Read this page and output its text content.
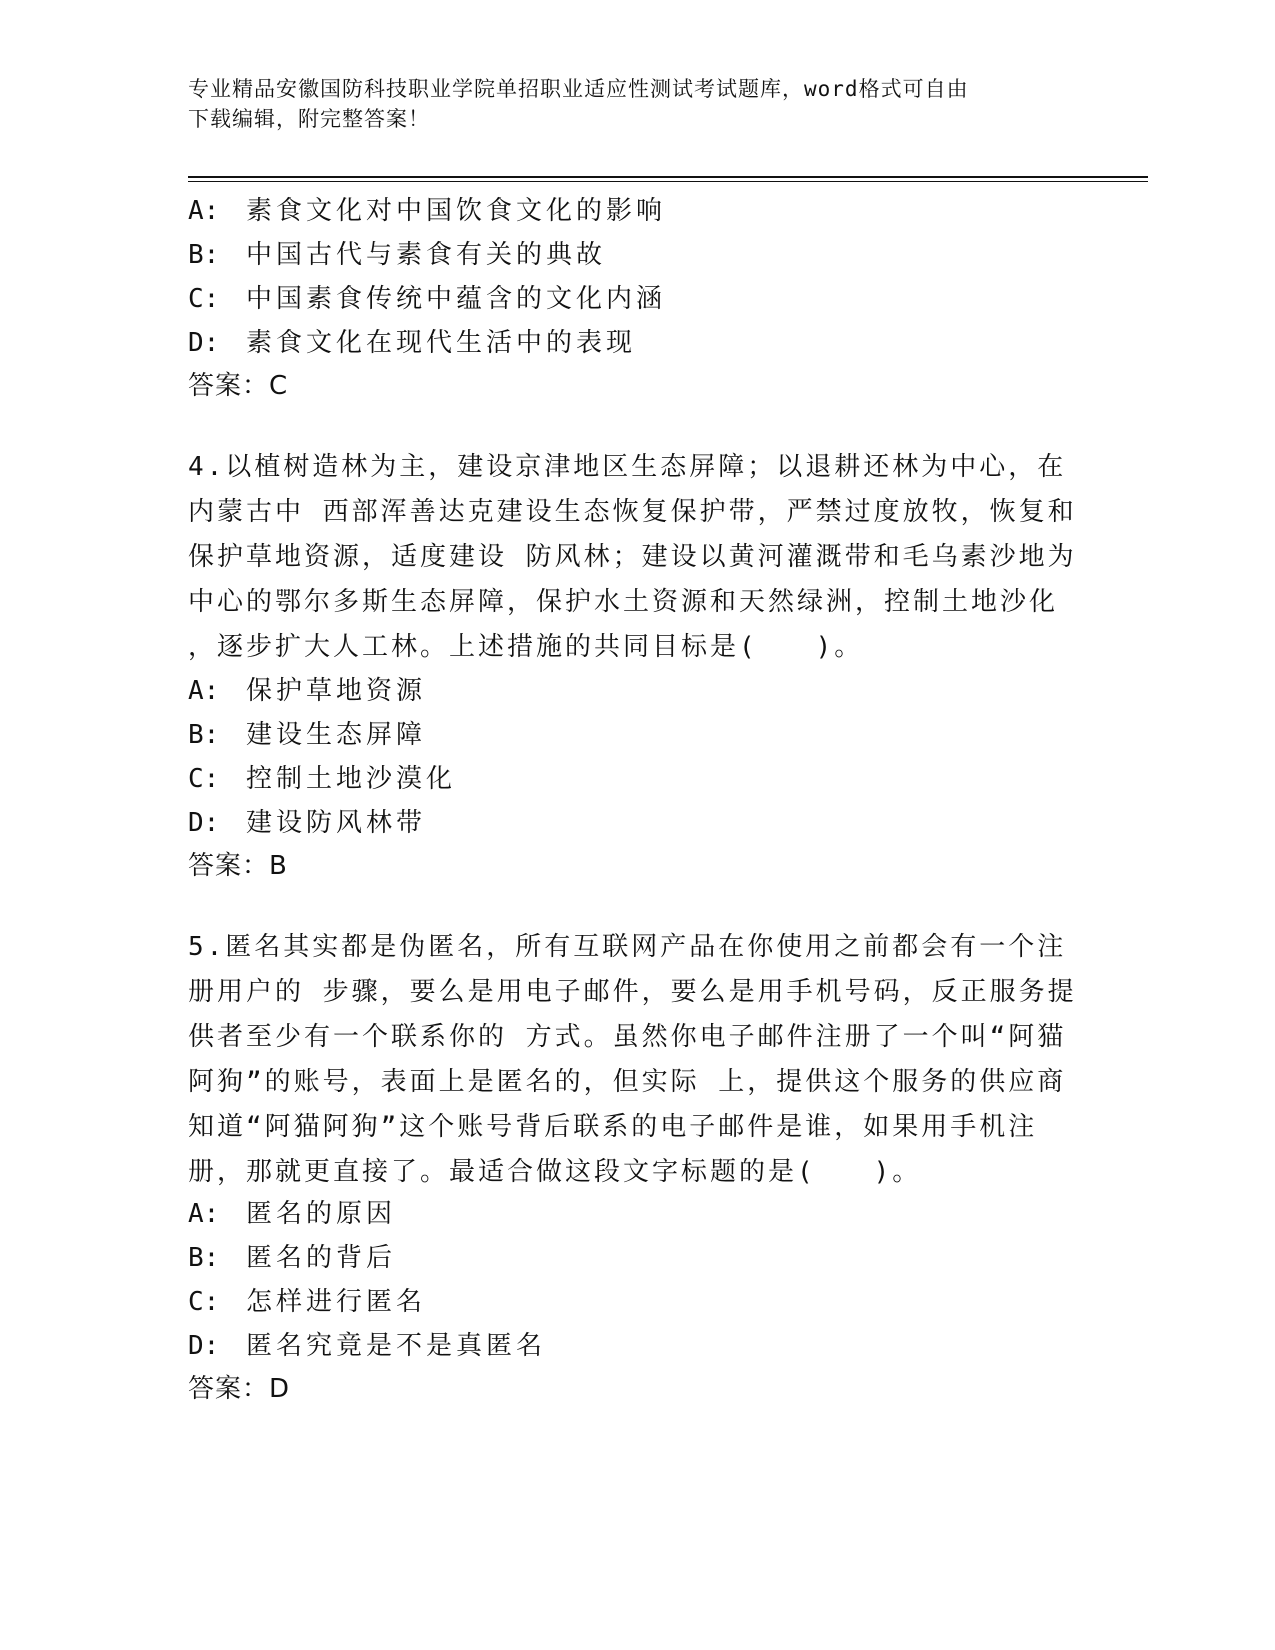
专业精品安徽国防科技职业学院单招职业适应性测试考试题库，word格式可自由
下载编辑，附完整答案！
A: 素食文化对中国饮食文化的影响
B: 中国古代与素食有关的典故
C: 中国素食传统中蕴含的文化内涵
D: 素食文化在现代生活中的表现
答案：C
4.以植树造林为主，建设京津地区生态屏障；以退耕还林为中心，在
内蒙古中 西部浑善达克建设生态恢复保护带，严禁过度放牧，恢复和
保护草地资源，适度建设 防风林；建设以黄河灌溉带和毛乌素沙地为
中心的鄂尔多斯生态屏障，保护水土资源和天然绿洲，控制土地沙化
，逐步扩大人工林。上述措施的共同目标是(　　)。
A: 保护草地资源
B: 建设生态屏障
C: 控制土地沙漠化
D: 建设防风林带
答案：B
5.匿名其实都是伪匿名，所有互联网产品在你使用之前都会有一个注
册用户的 步骤，要么是用电子邮件，要么是用手机号码，反正服务提
供者至少有一个联系你的 方式。虽然你电子邮件注册了一个叫“阿猫
阿狗”的账号，表面上是匿名的，但实际 上，提供这个服务的供应商
知道“阿猫阿狗”这个账号背后联系的电子邮件是谁，如果用手机注
册，那就更直接了。最适合做这段文字标题的是(　　)。
A: 匿名的原因
B: 匿名的背后
C: 怎样进行匿名
D: 匿名究竟是不是真匿名
答案：D
